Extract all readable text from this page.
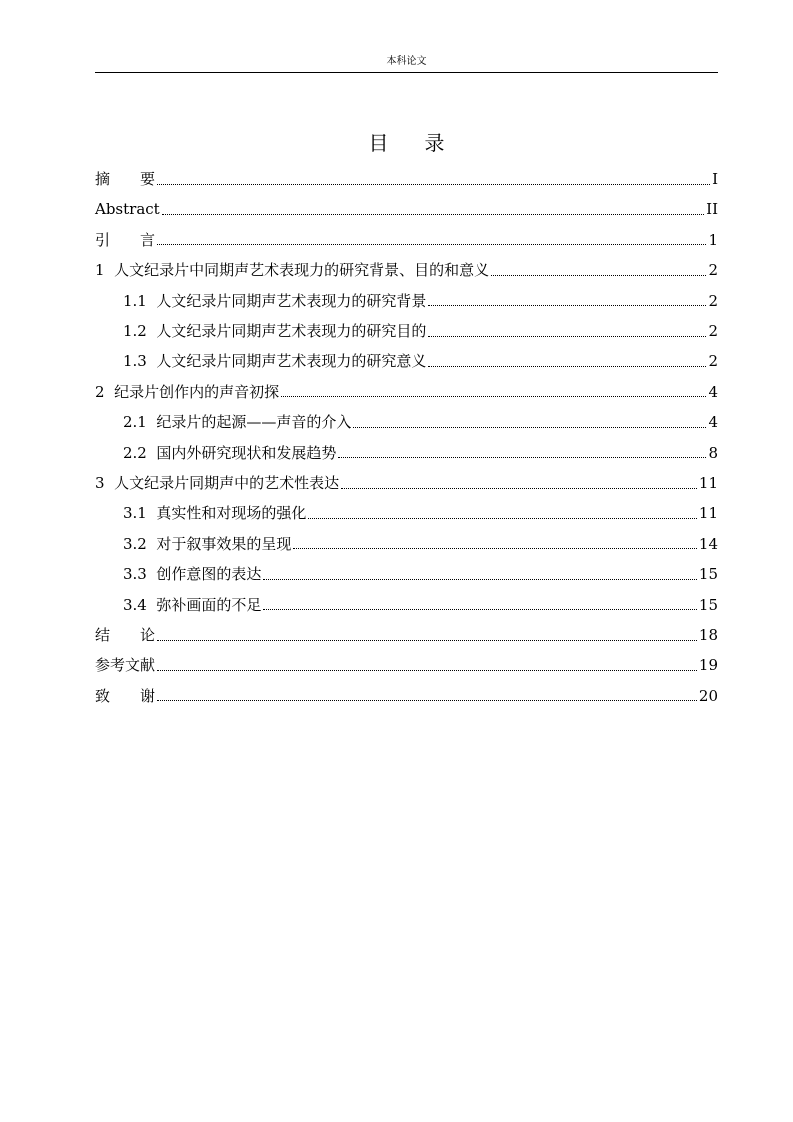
本科论文
目 录
摘　　要	I
Abstract	II
引　　言	1
1  人文纪录片中同期声艺术表现力的研究背景、目的和意义	2
1.1  人文纪录片同期声艺术表现力的研究背景	2
1.2  人文纪录片同期声艺术表现力的研究目的	2
1.3  人文纪录片同期声艺术表现力的研究意义	2
2  纪录片创作内的声音初探	4
2.1  纪录片的起源——声音的介入	4
2.2  国内外研究现状和发展趋势	8
3  人文纪录片同期声中的艺术性表达	11
3.1  真实性和对现场的强化	11
3.2  对于叙事效果的呈现	14
3.3  创作意图的表达	15
3.4  弥补画面的不足	15
结　　论	18
参考文献	19
致　　谢	20
